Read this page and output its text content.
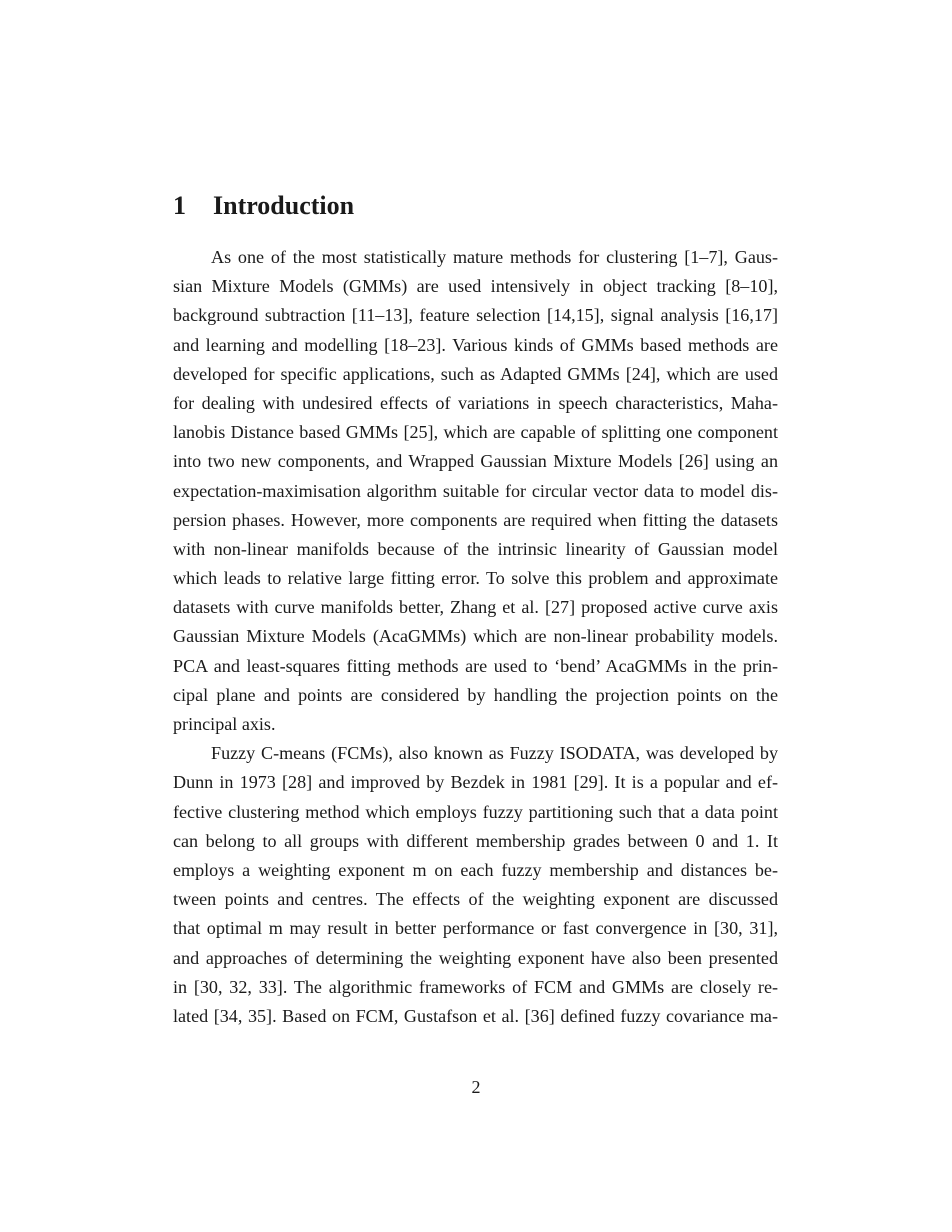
1 Introduction
As one of the most statistically mature methods for clustering [1–7], Gaus-
sian Mixture Models (GMMs) are used intensively in object tracking [8–10],
background subtraction [11–13], feature selection [14,15], signal analysis [16,17]
and learning and modelling [18–23]. Various kinds of GMMs based methods are
developed for specific applications, such as Adapted GMMs [24], which are used
for dealing with undesired effects of variations in speech characteristics, Maha-
lanobis Distance based GMMs [25], which are capable of splitting one component
into two new components, and Wrapped Gaussian Mixture Models [26] using an
expectation-maximisation algorithm suitable for circular vector data to model dis-
persion phases. However, more components are required when fitting the datasets
with non-linear manifolds because of the intrinsic linearity of Gaussian model
which leads to relative large fitting error. To solve this problem and approximate
datasets with curve manifolds better, Zhang et al. [27] proposed active curve axis
Gaussian Mixture Models (AcaGMMs) which are non-linear probability models.
PCA and least-squares fitting methods are used to ‘bend’ AcaGMMs in the prin-
cipal plane and points are considered by handling the projection points on the
principal axis.
Fuzzy C-means (FCMs), also known as Fuzzy ISODATA, was developed by
Dunn in 1973 [28] and improved by Bezdek in 1981 [29]. It is a popular and ef-
fective clustering method which employs fuzzy partitioning such that a data point
can belong to all groups with different membership grades between 0 and 1. It
employs a weighting exponent m on each fuzzy membership and distances be-
tween points and centres. The effects of the weighting exponent are discussed
that optimal m may result in better performance or fast convergence in [30, 31],
and approaches of determining the weighting exponent have also been presented
in [30, 32, 33]. The algorithmic frameworks of FCM and GMMs are closely re-
lated [34, 35]. Based on FCM, Gustafson et al. [36] defined fuzzy covariance ma-
2
